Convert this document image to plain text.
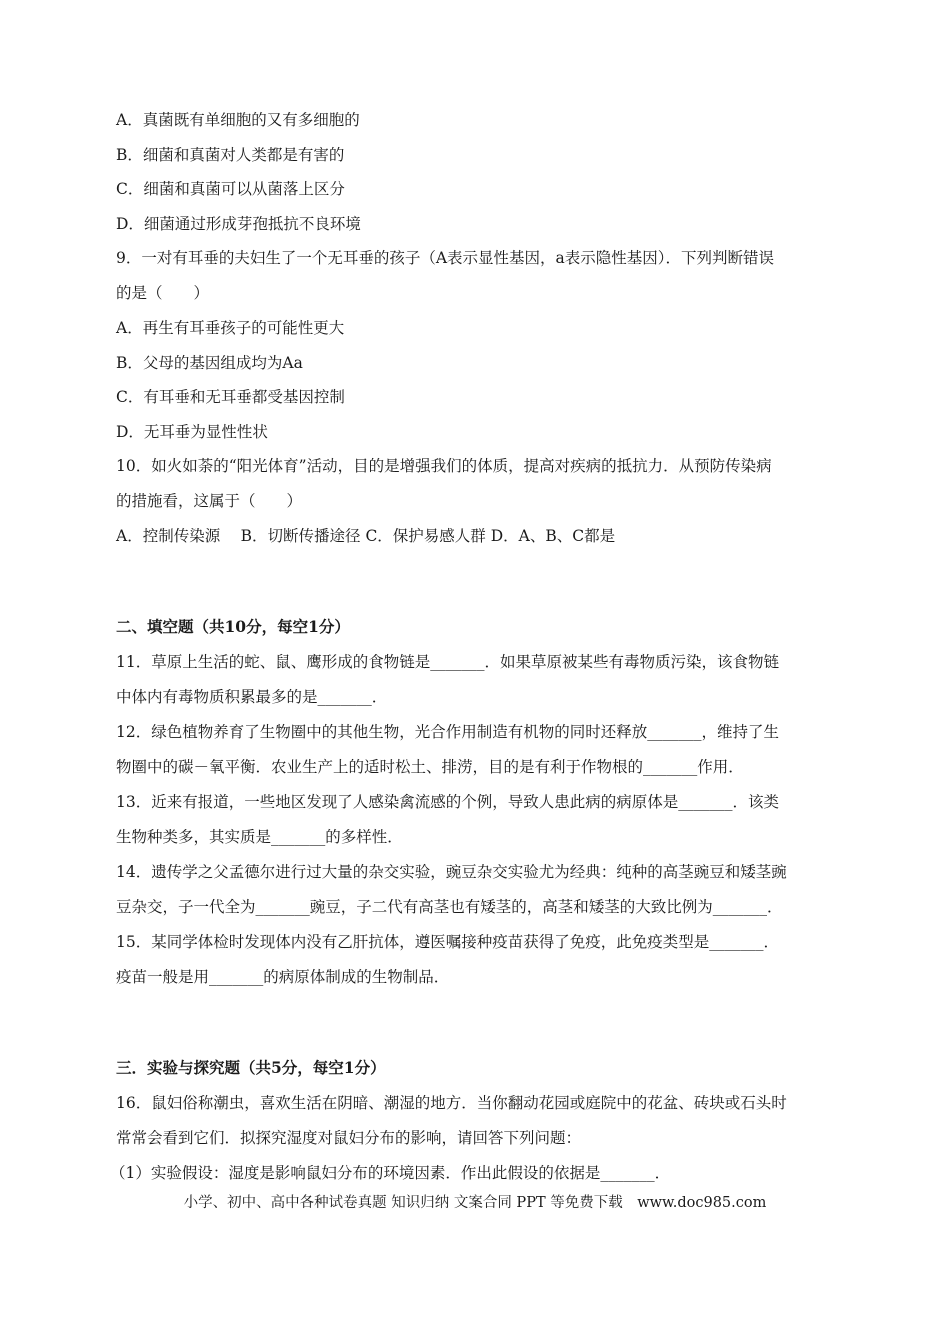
A．真菌既有单细胞的又有多细胞的
B．细菌和真菌对人类都是有害的
C．细菌和真菌可以从菌落上区分
D．细菌通过形成芽孢抵抗不良环境
9．一对有耳垂的夫妇生了一个无耳垂的孩子（A表示显性基因，a表示隐性基因）．下列判断错误
的是（　　）
A．再生有耳垂孩子的可能性更大
B．父母的基因组成均为Aa
C．有耳垂和无耳垂都受基因控制
D．无耳垂为显性性状
10．如火如荼的“阳光体育”活动，目的是增强我们的体质，提高对疾病的抵抗力．从预防传染病
的措施看，这属于（　　）
A．控制传染源　 B．切断传播途径 C．保护易感人群 D．A、B、C都是
二、填空题（共10分，每空1分）
11．草原上生活的蛇、鼠、鹰形成的食物链是_______．如果草原被某些有毒物质污染，该食物链
中体内有毒物质积累最多的是_______．
12．绿色植物养育了生物圈中的其他生物，光合作用制造有机物的同时还释放_______，维持了生
物圈中的碳－氧平衡．农业生产上的适时松土、排涝，目的是有利于作物根的_______作用．
13．近来有报道，一些地区发现了人感染禽流感的个例，导致人患此病的病原体是_______．该类
生物种类多，其实质是_______的多样性．
14．遗传学之父孟德尔进行过大量的杂交实验，豌豆杂交实验尤为经典：纯种的高茎豌豆和矮茎豌
豆杂交，子一代全为_______豌豆，子二代有高茎也有矮茎的，高茎和矮茎的大致比例为_______．
15．某同学体检时发现体内没有乙肝抗体，遵医嘱接种疫苗获得了免疫，此免疫类型是_______．
疫苗一般是用_______的病原体制成的生物制品．
三．实验与探究题（共5分，每空1分）
16．鼠妇俗称潮虫，喜欢生活在阴暗、潮湿的地方．当你翻动花园或庭院中的花盆、砖块或石头时
常常会看到它们．拟探究湿度对鼠妇分布的影响，请回答下列问题：
（1）实验假设：湿度是影响鼠妇分布的环境因素．作出此假设的依据是_______．
小学、初中、高中各种试卷真题 知识归纳 文案合同 PPT 等免费下载　www.doc985.com
